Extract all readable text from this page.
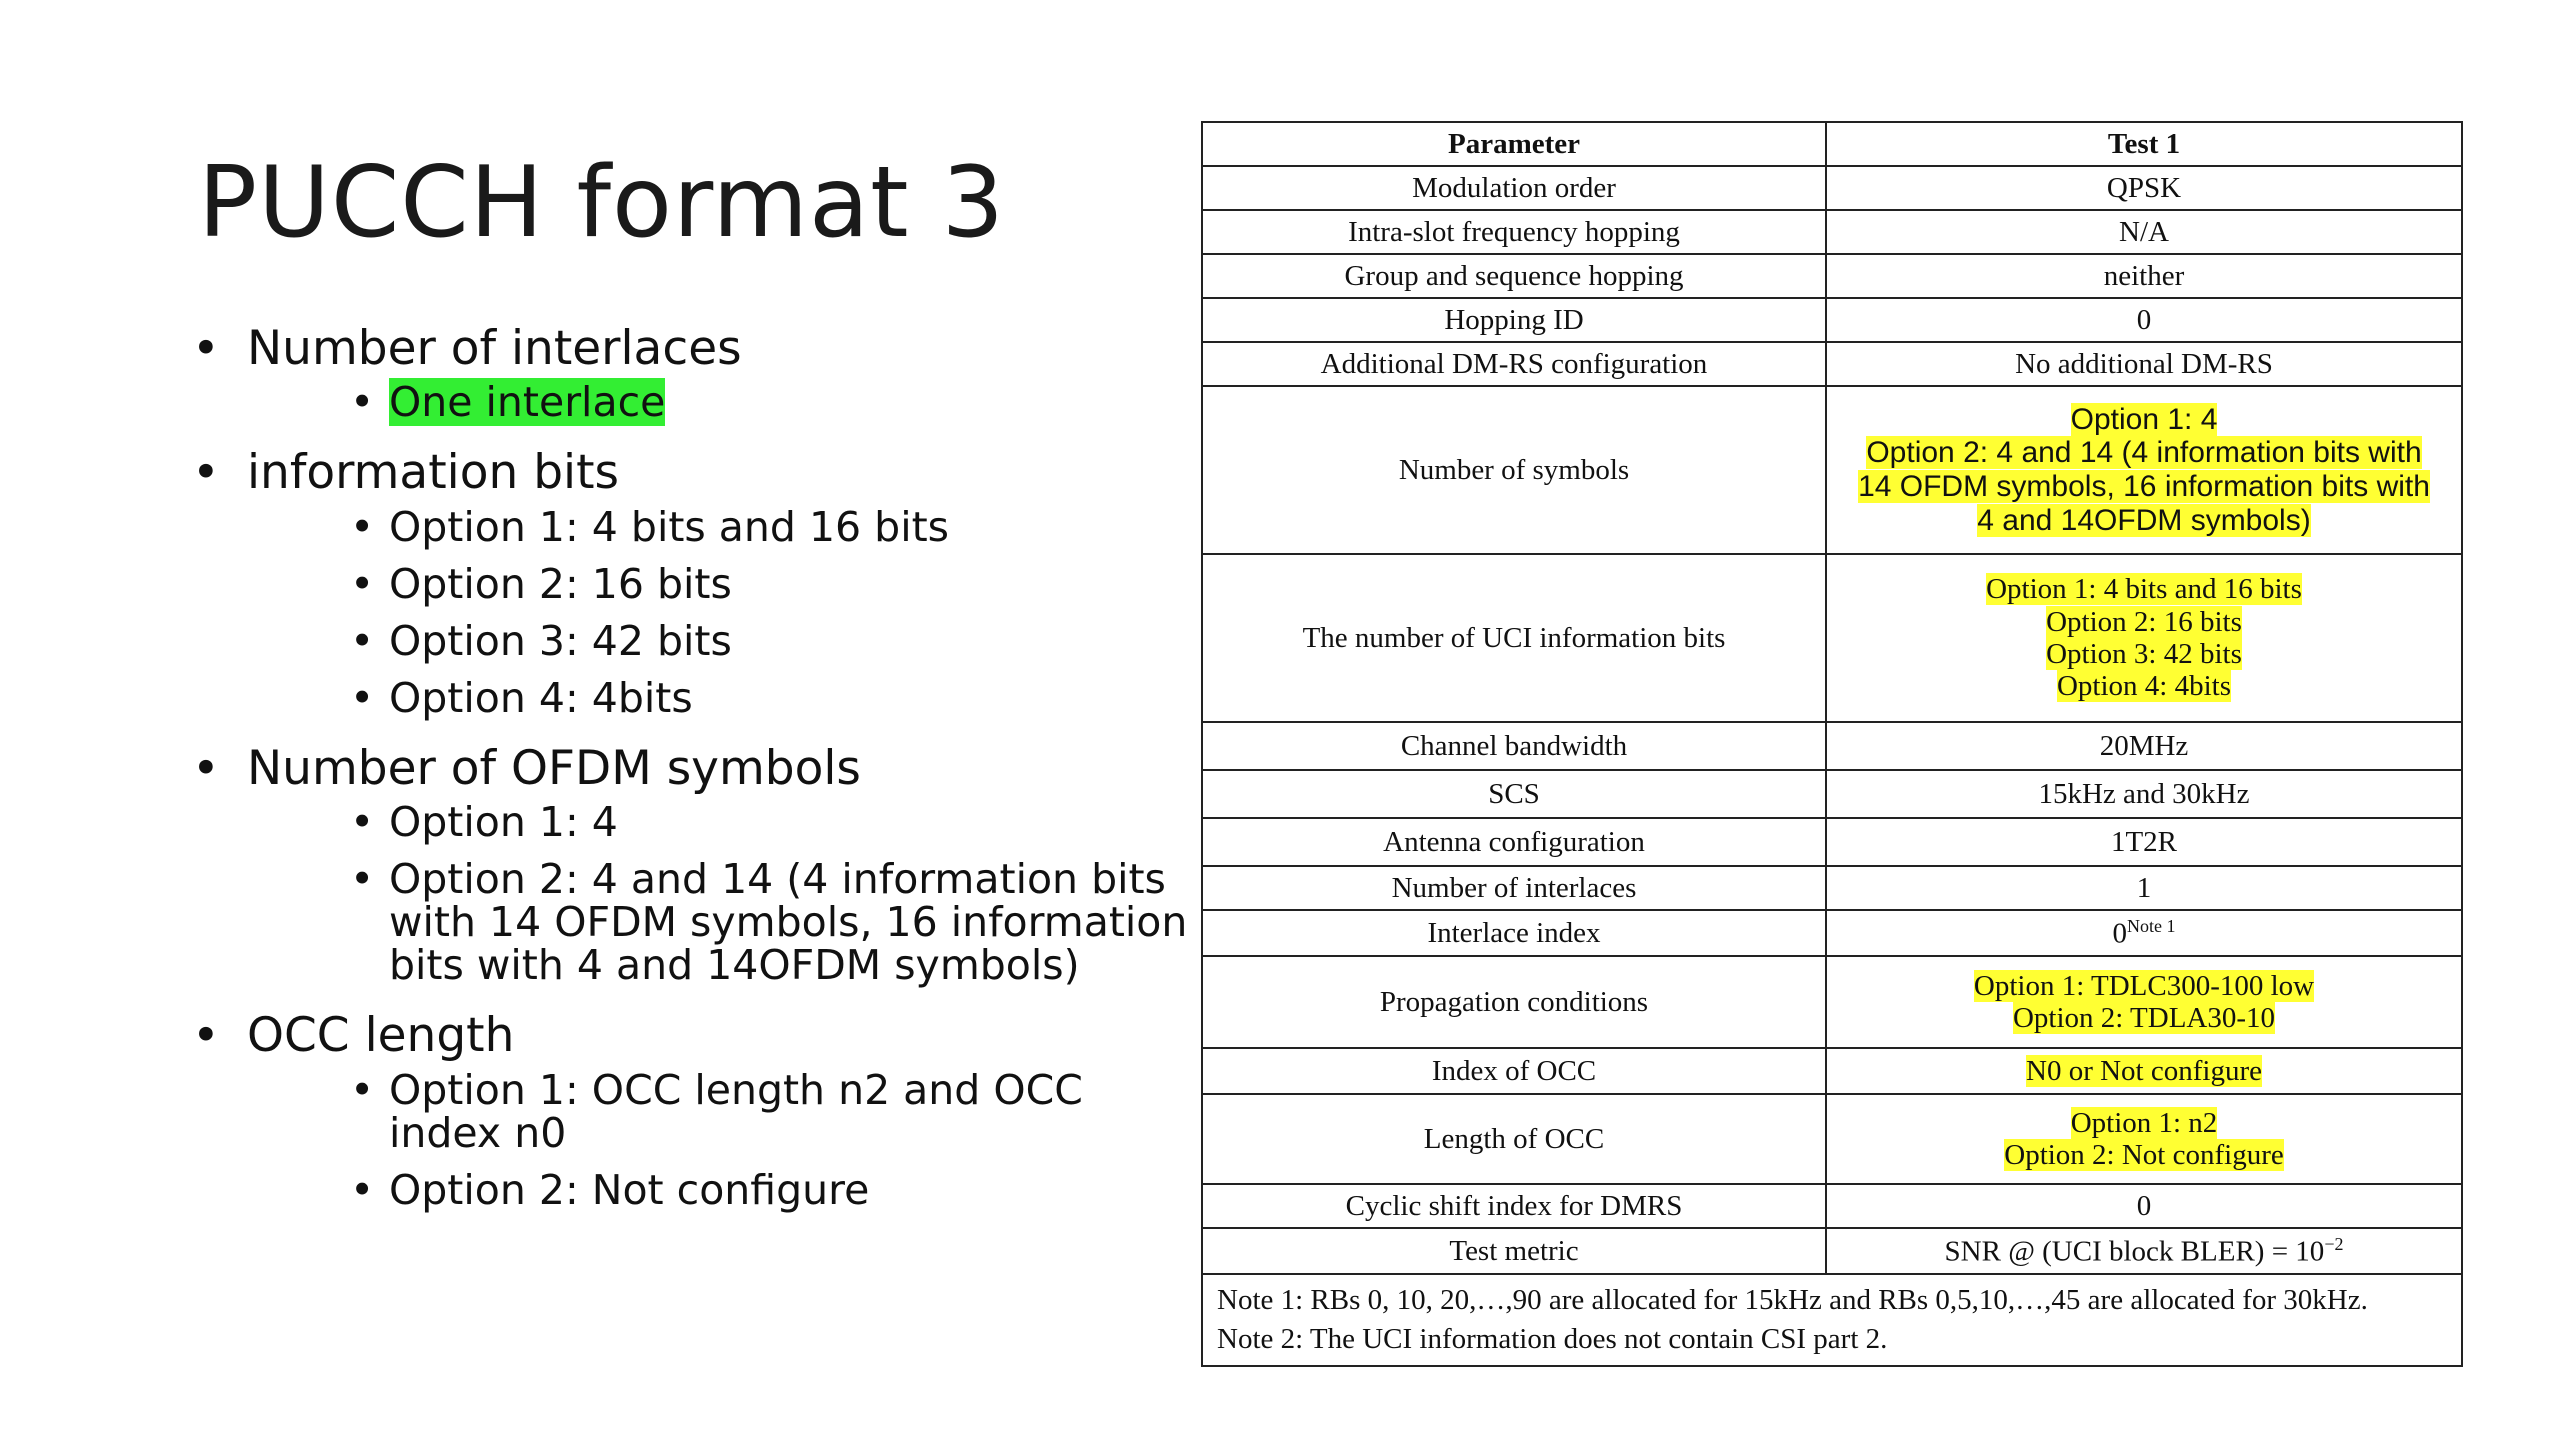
PUCCH format 3
• Number of interlaces
• One interlace
• information bits
• Option 1: 4 bits and 16 bits
• Option 2: 16 bits
• Option 3: 42 bits
• Option 4: 4bits
• Number of OFDM symbols
• Option 1: 4
• Option 2: 4 and 14 (4 information bits with 14 OFDM symbols, 16 information bits with 4 and 14OFDM symbols)
• OCC length
• Option 1: OCC length n2 and OCC index n0
• Option 2: Not configure
Parameter	Test 1
Modulation order	QPSK
Intra-slot frequency hopping	N/A
Group and sequence hopping	neither
Hopping ID	0
Additional DM-RS configuration	No additional DM-RS
Number of symbols	Option 1: 4
Option 2: 4 and 14 (4 information bits with
14 OFDM symbols, 16 information bits with
4 and 14OFDM symbols)
The number of UCI information bits	Option 1: 4 bits and 16 bits
Option 2: 16 bits
Option 3: 42 bits
Option 4: 4bits
Channel bandwidth	20MHz
SCS	15kHz and 30kHz
Antenna configuration	1T2R
Number of interlaces	1
Interlace index	$0^{Note 1}$
Propagation conditions	Option 1: TDLC300-100 low
Option 2: TDLA30-10
Index of OCC	N0 or Not configure
Length of OCC	Option 1: n2
Option 2: Not configure
Cyclic shift index for DMRS	0
Test metric	SNR @ (UCI block BLER) = $10^{-2}$

Note 1: RBs 0, 10, 20,…,90 are allocated for 15kHz and RBs 0,5,10,…,45 are allocated for 30kHz.
Note 2: The UCI information does not contain CSI part 2.	
